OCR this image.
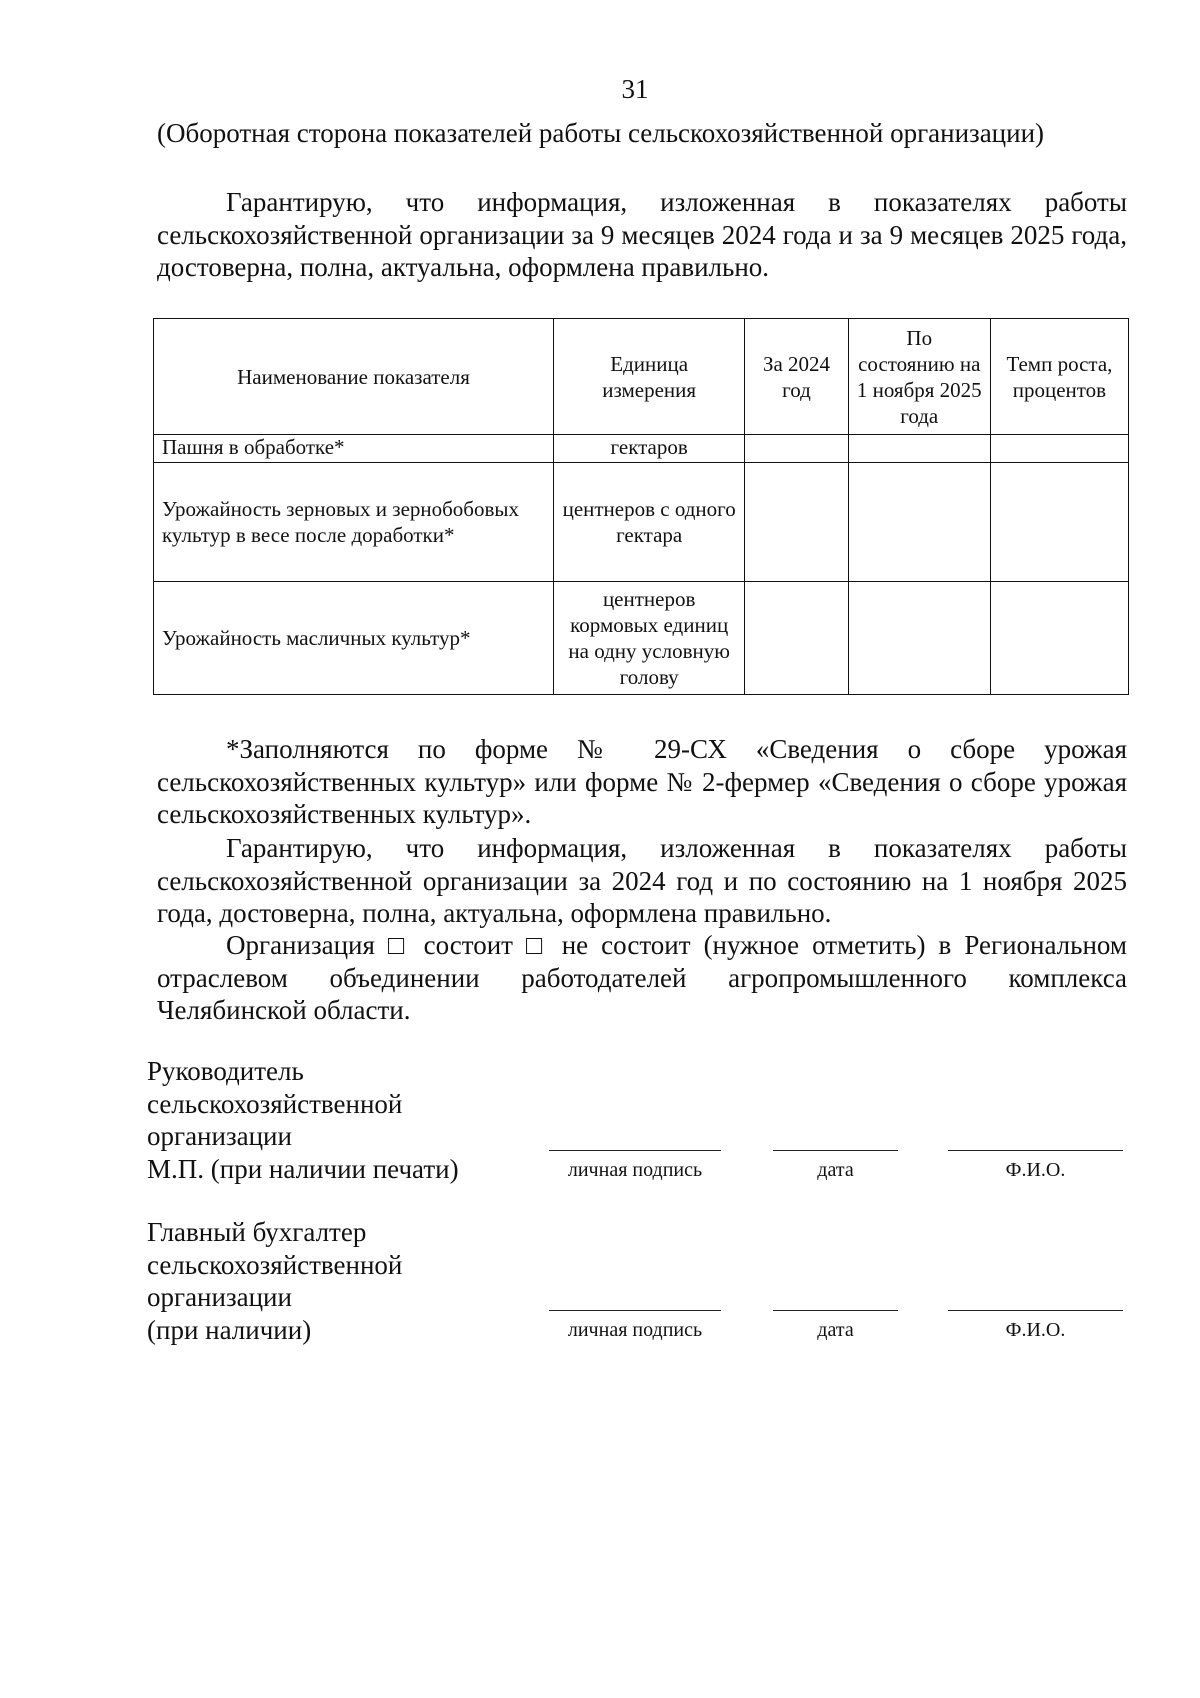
31
(Оборотная сторона показателей работы сельскохозяйственной организации)
Гарантирую, что информация, изложенная в показателях работы сельскохозяйственной организации за 9 месяцев 2024 года и за 9 месяцев 2025 года, достоверна, полна, актуальна, оформлена правильно.
Наименование показателя	Единица измерения	За 2024 год	По состоянию на 1 ноября 2025 года	Темп роста, процентов
Пашня в обработке*	гектаров			
Урожайность зерновых и зернобобовых культур в весе после доработки*	центнеров с одного гектара			
Урожайность масличных культур*	центнеров кормовых единиц на одну условную голову			
*Заполняются по форме № 29-СХ «Сведения о сборе урожая сельскохозяйственных культур» или форме № 2-фермер «Сведения о сборе урожая сельскохозяйственных культур».
Гарантирую, что информация, изложенная в показателях работы сельскохозяйственной организации за 2024 год и по состоянию на 1 ноября 2025 года, достоверна, полна, актуальна, оформлена правильно.
Организация □ состоит □ не состоит (нужное отметить) в Региональном отраслевом объединении работодателей агропромышленного комплекса Челябинской области.
Руководитель
сельскохозяйственной
организации
М.П. (при наличии печати)	личная подпись	дата	Ф.И.О.
Главный бухгалтер
сельскохозяйственной
организации
(при наличии)	личная подпись	дата	Ф.И.О.
